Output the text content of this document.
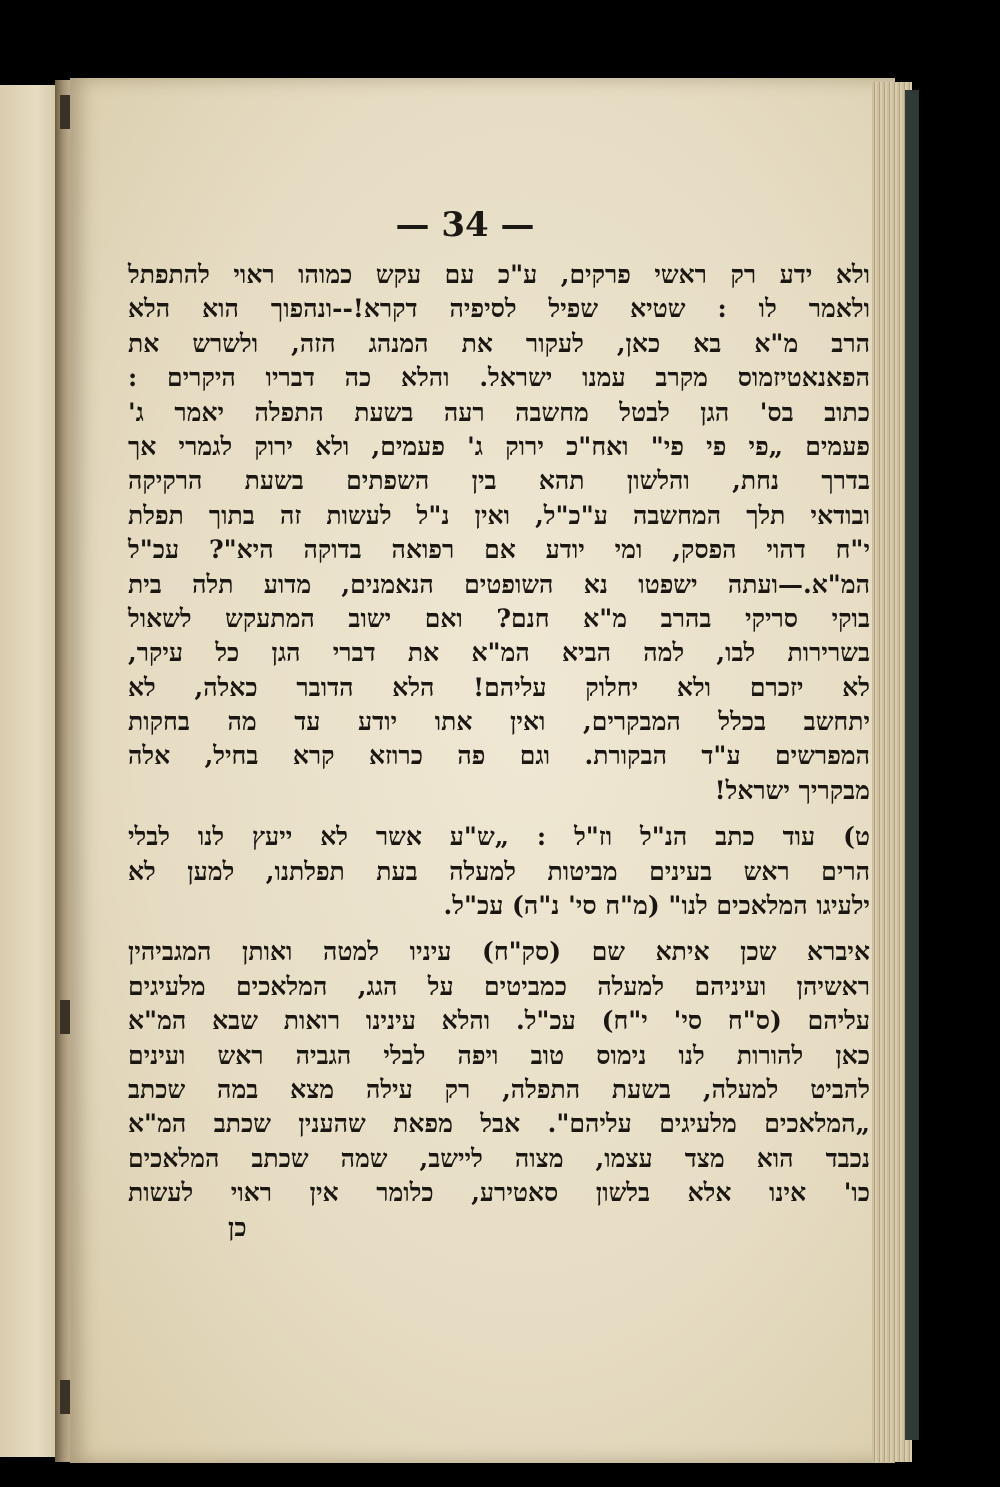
— 34 —
ולא ידע רק ראשי פרקים, ע"כ עם עקש כמוהו ראוי להתפתל
ולאמר לו : שטיא שפיל לסיפיה דקרא!--ונהפוך הוא הלא
הרב מ"א בא כאן, לעקור את המנהג הזה, ולשרש את
הפאנאטיזמוס מקרב עמנו ישראל. והלא כה דבריו היקרים :
כתוב בס' הגן לבטל מחשבה רעה בשעת התפלה יאמר ג'
פעמים „פי פי פי" ואח"כ ירוק ג' פעמים, ולא ירוק לגמרי אך
בדרך נחת, והלשון תהא בין השפתים בשעת הרקיקה
ובודאי תלך המחשבה ע"כ"ל, ואין נ"ל לעשות זה בתוך תפלת
י"ח דהוי הפסק, ומי יודע אם רפואה בדוקה היא"? עכ"ל
המ"א.—ועתה ישפטו נא השופטים הנאמנים, מדוע תלה בית
בוקי סריקי בהרב מ"א חנם? ואם ישוב המתעקש לשאול
בשרירות לבו, למה הביא המ"א את דברי הגן כל עיקר,
לא יזכרם ולא יחלוק עליהם! הלא הדובר כאלה, לא
יתחשב בכלל המבקרים, ואין אתו יודע עד מה בחקות
המפרשים ע"ד הבקורת. וגם פה כרוזא קרא בחיל, אלה
מבקריך ישראל!
ט) עוד כתב הנ"ל וז"ל : „ש"ע אשר לא ייעץ לנו לבלי
הרים ראש בעינים מביטות למעלה בעת תפלתנו, למען לא
ילעיגו המלאכים לנו" (מ"ח סי' נ"ה) עכ"ל.
איברא שכן איתא שם (סק"ח) עיניו למטה ואותן המגביהין
ראשיהן ועיניהם למעלה כמביטים על הגג, המלאכים מלעיגים
עליהם (ס"ח סי' י"ח) עכ"ל. והלא עינינו רואות שבא המ"א
כאן להורות לנו נימוס טוב ויפה לבלי הגביה ראש ועינים
להביט למעלה, בשעת התפלה, רק עילה מצא במה שכתב
„המלאכים מלעיגים עליהם". אבל מפאת שהענין שכתב המ"א
נכבד הוא מצד עצמו, מצוה ליישב, שמה שכתב המלאכים
כו' אינו אלא בלשון סאטירע, כלומר אין ראוי לעשות
כן
